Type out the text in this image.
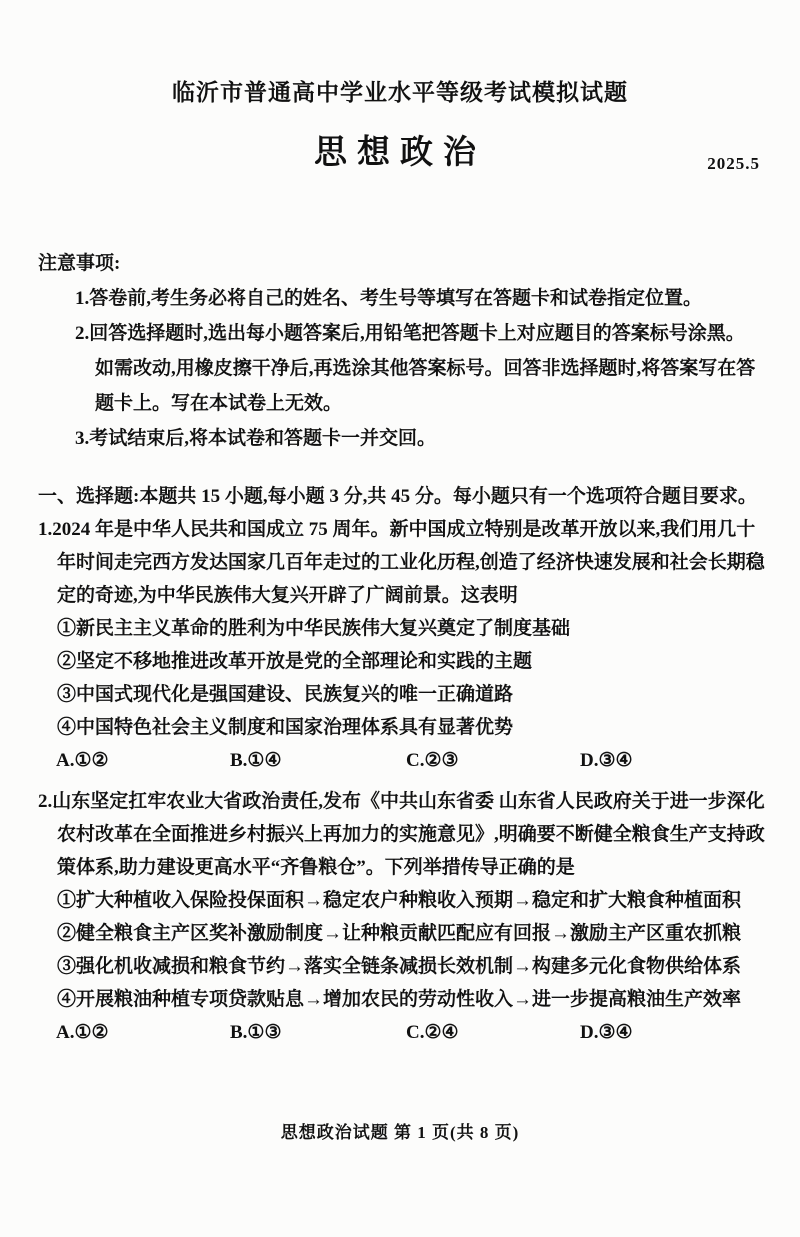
临沂市普通高中学业水平等级考试模拟试题
思想政治	2025.5
注意事项:
1.答卷前,考生务必将自己的姓名、考生号等填写在答题卡和试卷指定位置。
2.回答选择题时,选出每小题答案后,用铅笔把答题卡上对应题目的答案标号涂黑。
如需改动,用橡皮擦干净后,再选涂其他答案标号。回答非选择题时,将答案写在答
题卡上。写在本试卷上无效。
3.考试结束后,将本试卷和答题卡一并交回。
一、选择题:本题共 15 小题,每小题 3 分,共 45 分。每小题只有一个选项符合题目要求。
1.2024 年是中华人民共和国成立 75 周年。新中国成立特别是改革开放以来,我们用几十
年时间走完西方发达国家几百年走过的工业化历程,创造了经济快速发展和社会长期稳
定的奇迹,为中华民族伟大复兴开辟了广阔前景。这表明
①新民主主义革命的胜利为中华民族伟大复兴奠定了制度基础
②坚定不移地推进改革开放是党的全部理论和实践的主题
③中国式现代化是强国建设、民族复兴的唯一正确道路
④中国特色社会主义制度和国家治理体系具有显著优势
A.①②	B.①④	C.②③	D.③④
2.山东坚定扛牢农业大省政治责任,发布《中共山东省委 山东省人民政府关于进一步深化
农村改革在全面推进乡村振兴上再加力的实施意见》,明确要不断健全粮食生产支持政
策体系,助力建设更高水平“齐鲁粮仓”。下列举措传导正确的是
①扩大种植收入保险投保面积→稳定农户种粮收入预期→稳定和扩大粮食种植面积
②健全粮食主产区奖补激励制度→让种粮贡献匹配应有回报→激励主产区重农抓粮
③强化机收减损和粮食节约→落实全链条减损长效机制→构建多元化食物供给体系
④开展粮油种植专项贷款贴息→增加农民的劳动性收入→进一步提高粮油生产效率
A.①②	B.①③	C.②④	D.③④
思想政治试题 第 1 页(共 8 页)
